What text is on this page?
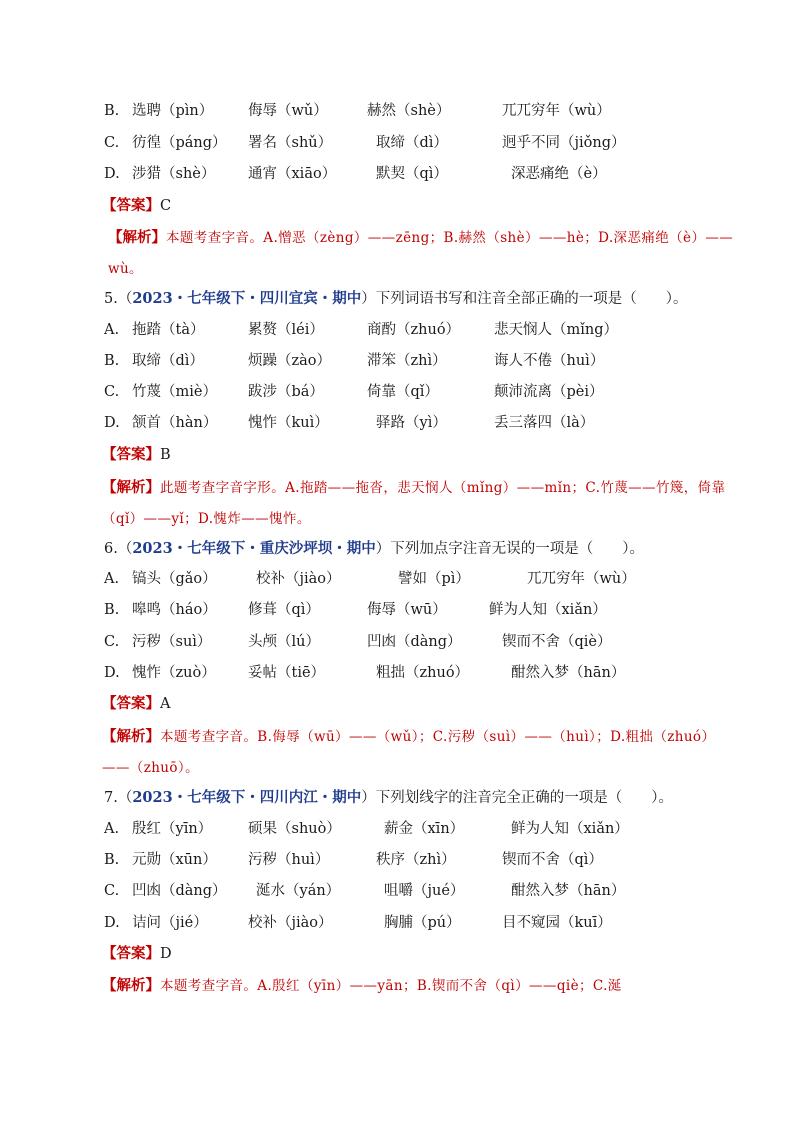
B. 选聘（pìn） 侮辱（wǔ）	赫然（shè）	兀兀穷年（wù）
C. 彷徨（páng） 署名（shǔ）	取缔（dì）	迥乎不同（jiǒng）
D. 涉猎（shè） 通宵（xiāo）	默契（qì）	深恶痛绝（è）
【答案】C
【解析】本题考查字音。A.憎恶（zèng）——zēng；B.赫然（shè）——hè；D.深恶痛绝（è）——wù。
5.（2023・七年级下・四川宜宾・期中）下列词语书写和注音全部正确的一项是（　　）。
A. 拖踏（tà）	累赘（léi）	商酌（zhuó） 悲天悯人（mǐng）
B. 取缔（dì）	烦躁（zào） 滞笨（zhì）	诲人不倦（huì）
C. 竹蔑（miè） 跋涉（bá）	倚靠（qǐ）	颠沛流离（pèi）
D. 颔首（hàn） 愧怍（kuì）	驿路（yì）	丢三落四（là）
【答案】B
【解析】此题考查字音字形。A.拖踏——拖沓，悲天悯人（mǐng）——mǐn；C.竹蔑——竹篾，倚靠（qǐ）——yǐ；D.愧炸——愧怍。
6.（2023・七年级下・重庆沙坪坝・期中）下列加点字注音无误的一项是（　　）。
A. 镐头（gǎo）	校补（jiào）	譬如（pì）	兀兀穷年（wù）
B. 嗥鸣（háo） 修葺（qì）	侮辱（wū）	鲜为人知（xiǎn）
C. 污秽（suì）	头颅（lú）	凹凼（dàng）	锲而不舍（qiè）
D. 愧怍（zuò） 妥帖（tiē）	粗拙（zhuó）	酣然入梦（hān）
【答案】A
【解析】本题考查字音。B.侮辱（wū）——（wǔ）；C.污秽（suì）——（huì）；D.粗拙（zhuó）——（zhuō）。
7.（2023・七年级下・四川内江・期中）下列划线字的注音完全正确的一项是（　　）。
A. 殷红（yīn） 硕果（shuò）	薪金（xīn）	鲜为人知（xiǎn）
B. 元勋（xūn） 污秽（huì）	秩序（zhì）	锲而不舍（qì）
C. 凹凼（dàng） 涎水（yán）	咀嚼（jué）	酣然入梦（hān）
D. 诘问（jié）	校补（jiào）	胸脯（pú）	目不窥园（kuī）
【答案】D
【解析】本题考查字音。A.殷红（yīn）——yān；B.锲而不舍（qì）——qiè；C.涎
